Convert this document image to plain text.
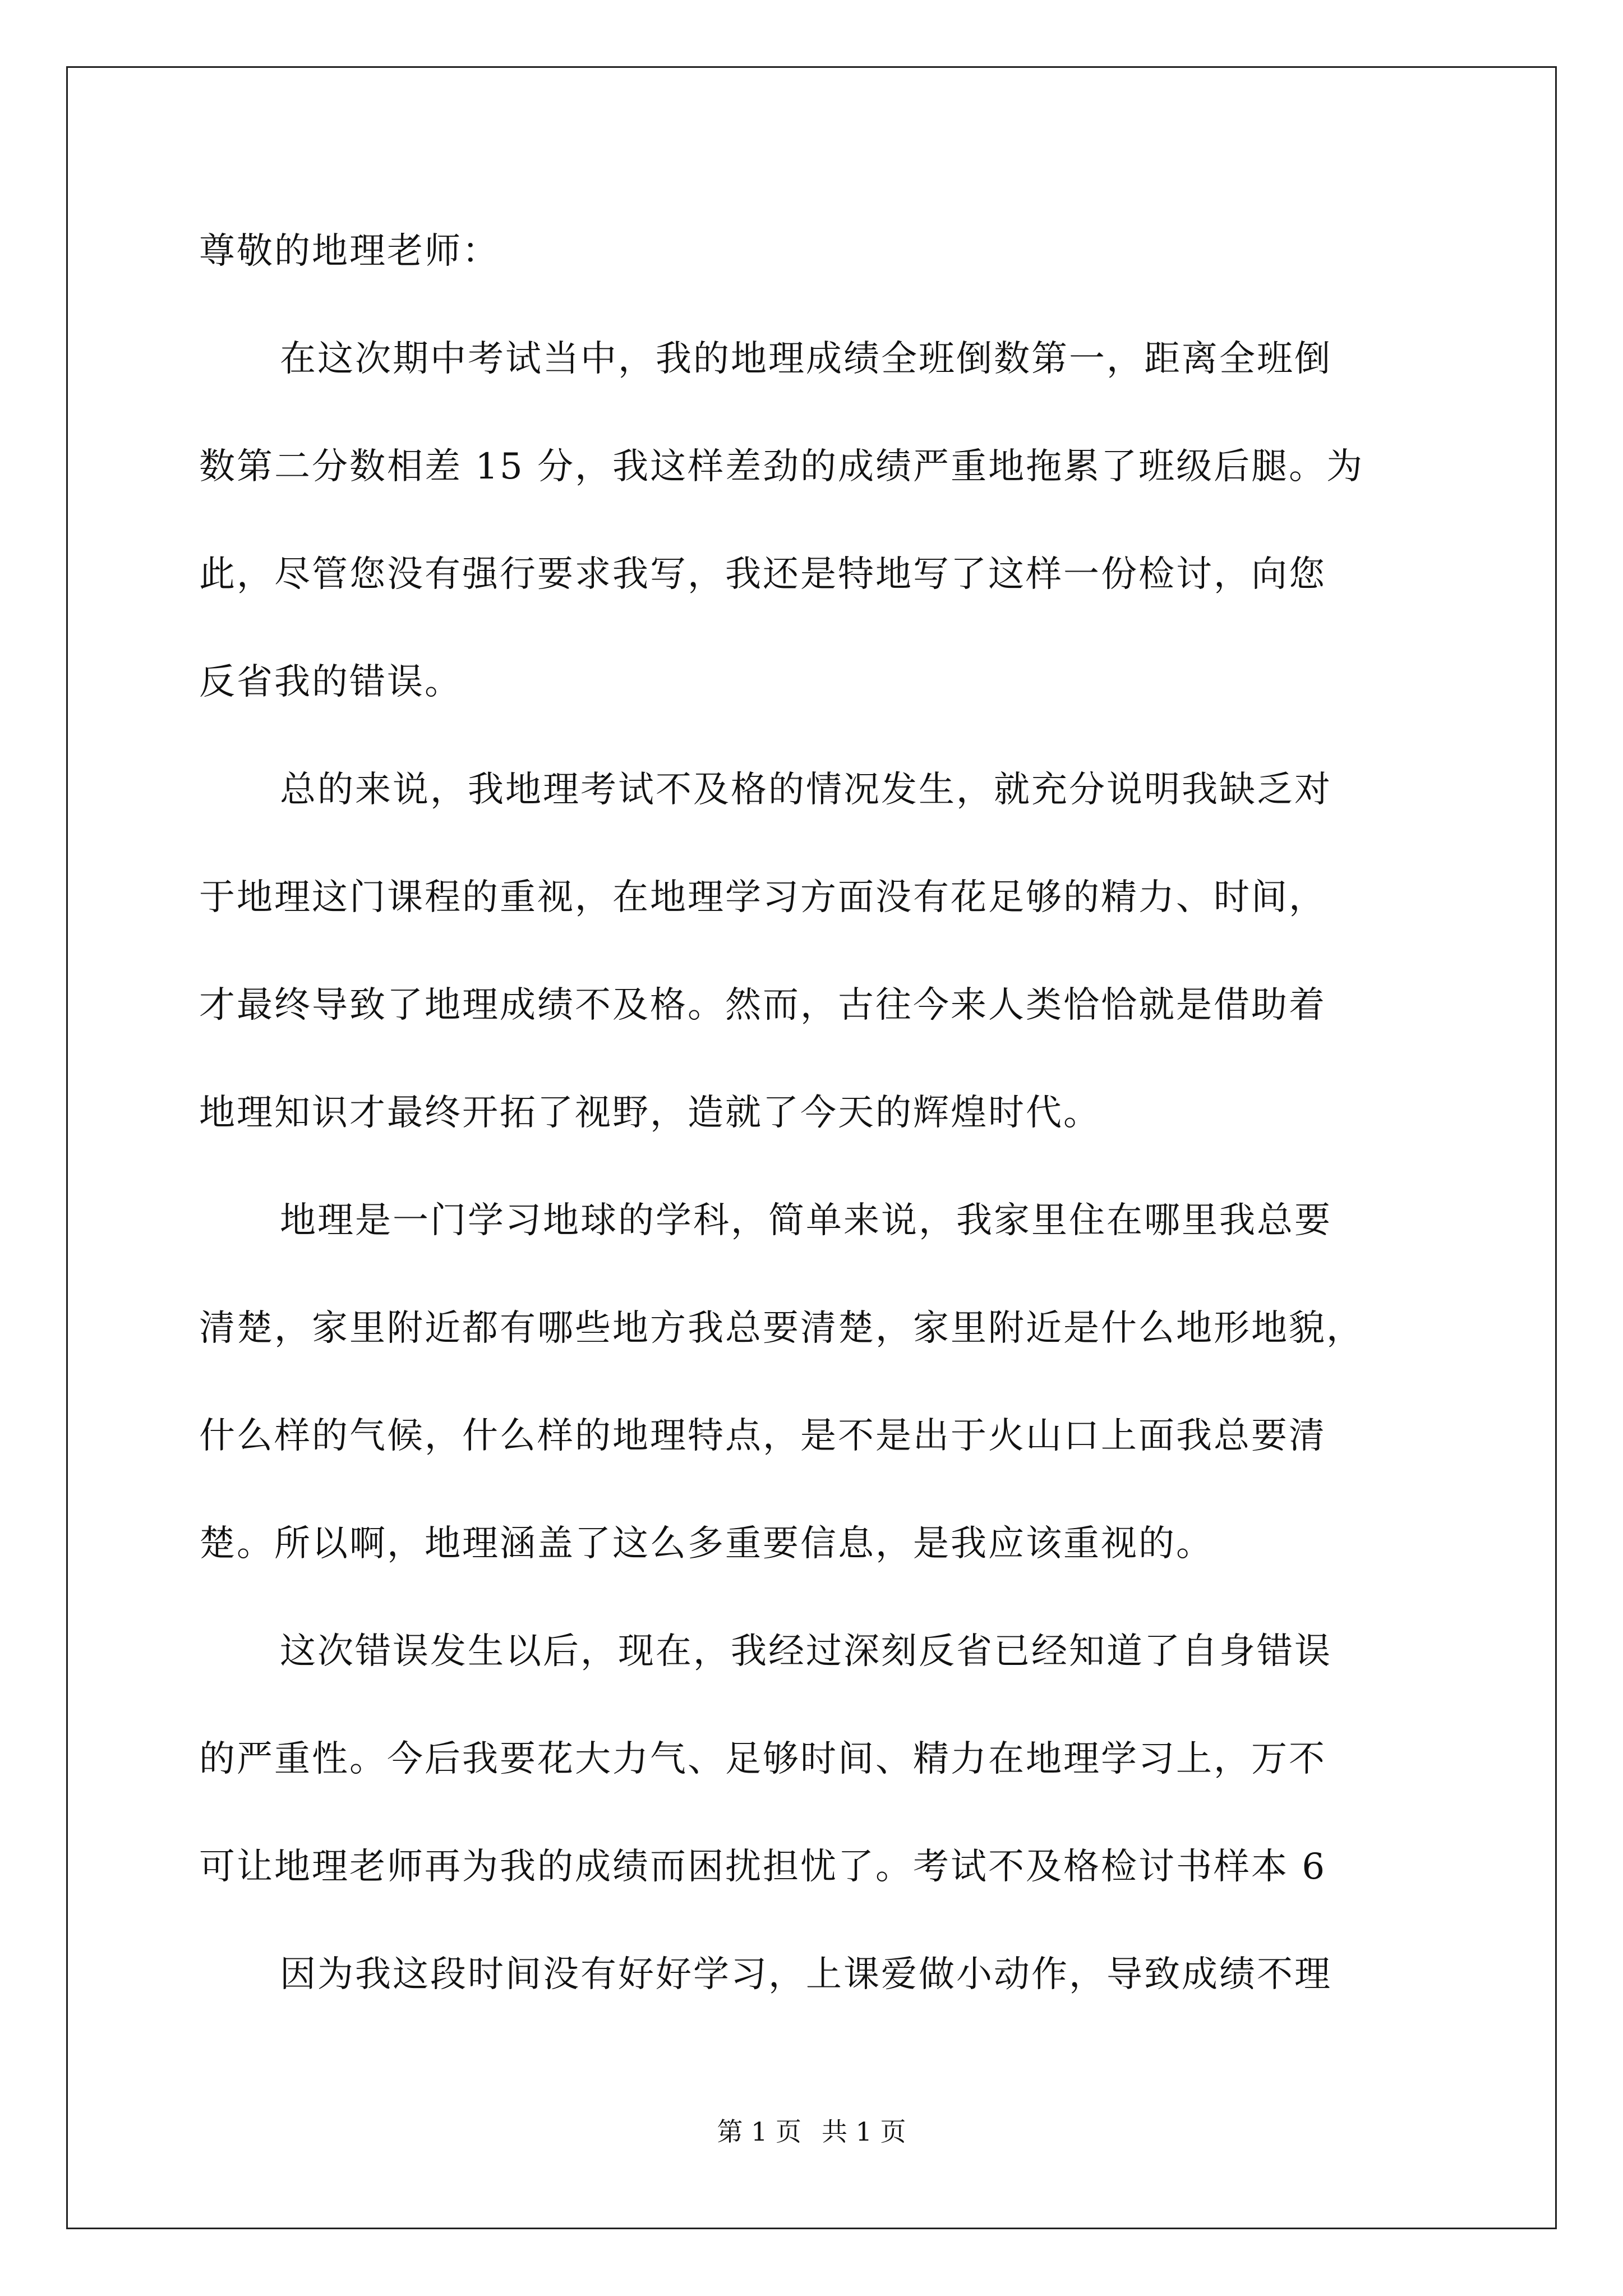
尊敬的地理老师：
在这次期中考试当中，我的地理成绩全班倒数第一，距离全班倒
数第二分数相差 15 分，我这样差劲的成绩严重地拖累了班级后腿。为
此，尽管您没有强行要求我写，我还是特地写了这样一份检讨，向您
反省我的错误。
总的来说，我地理考试不及格的情况发生，就充分说明我缺乏对
于地理这门课程的重视，在地理学习方面没有花足够的精力、时间，
才最终导致了地理成绩不及格。然而，古往今来人类恰恰就是借助着
地理知识才最终开拓了视野，造就了今天的辉煌时代。
地理是一门学习地球的学科，简单来说，我家里住在哪里我总要
清楚，家里附近都有哪些地方我总要清楚，家里附近是什么地形地貌，
什么样的气候，什么样的地理特点，是不是出于火山口上面我总要清
楚。所以啊，地理涵盖了这么多重要信息，是我应该重视的。
这次错误发生以后，现在，我经过深刻反省已经知道了自身错误
的严重性。今后我要花大力气、足够时间、精力在地理学习上，万不
可让地理老师再为我的成绩而困扰担忧了。考试不及格检讨书样本 6
因为我这段时间没有好好学习，上课爱做小动作，导致成绩不理
第 1 页 共 1 页
